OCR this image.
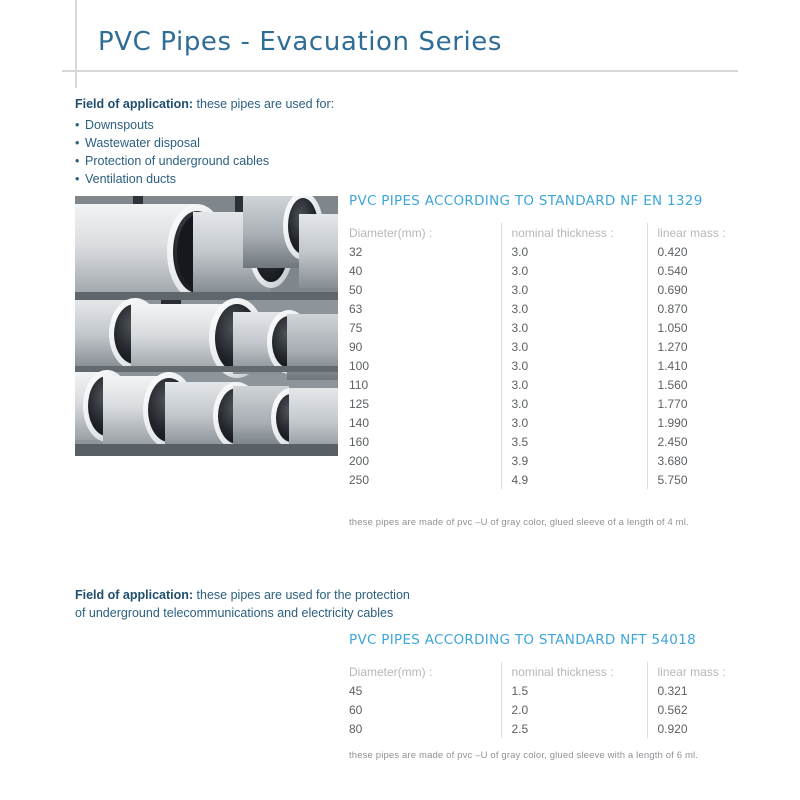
PVC Pipes - Evacuation Series
Field of application: these pipes are used for:
• Downspouts
• Wastewater disposal
• Protection of underground cables
• Ventilation ducts
PVC PIPES ACCORDING TO STANDARD NF EN 1329
Diameter(mm) :	nominal thickness :	linear mass :
32	3.0	0.420
40	3.0	0.540
50	3.0	0.690
63	3.0	0.870
75	3.0	1.050
90	3.0	1.270
100	3.0	1.410
110	3.0	1.560
125	3.0	1.770
140	3.0	1.990
160	3.5	2.450
200	3.9	3.680
250	4.9	5.750
these pipes are made of pvc –U of gray color, glued sleeve of a length of 4 ml.
Field of application: these pipes are used for the protection
of underground telecommunications and electricity cables
PVC PIPES ACCORDING TO STANDARD NFT 54018
Diameter(mm) :	nominal thickness :	linear mass :
45	1.5	0.321
60	2.0	0.562
80	2.5	0.920
these pipes are made of pvc –U of gray color, glued sleeve with a length of 6 ml.
